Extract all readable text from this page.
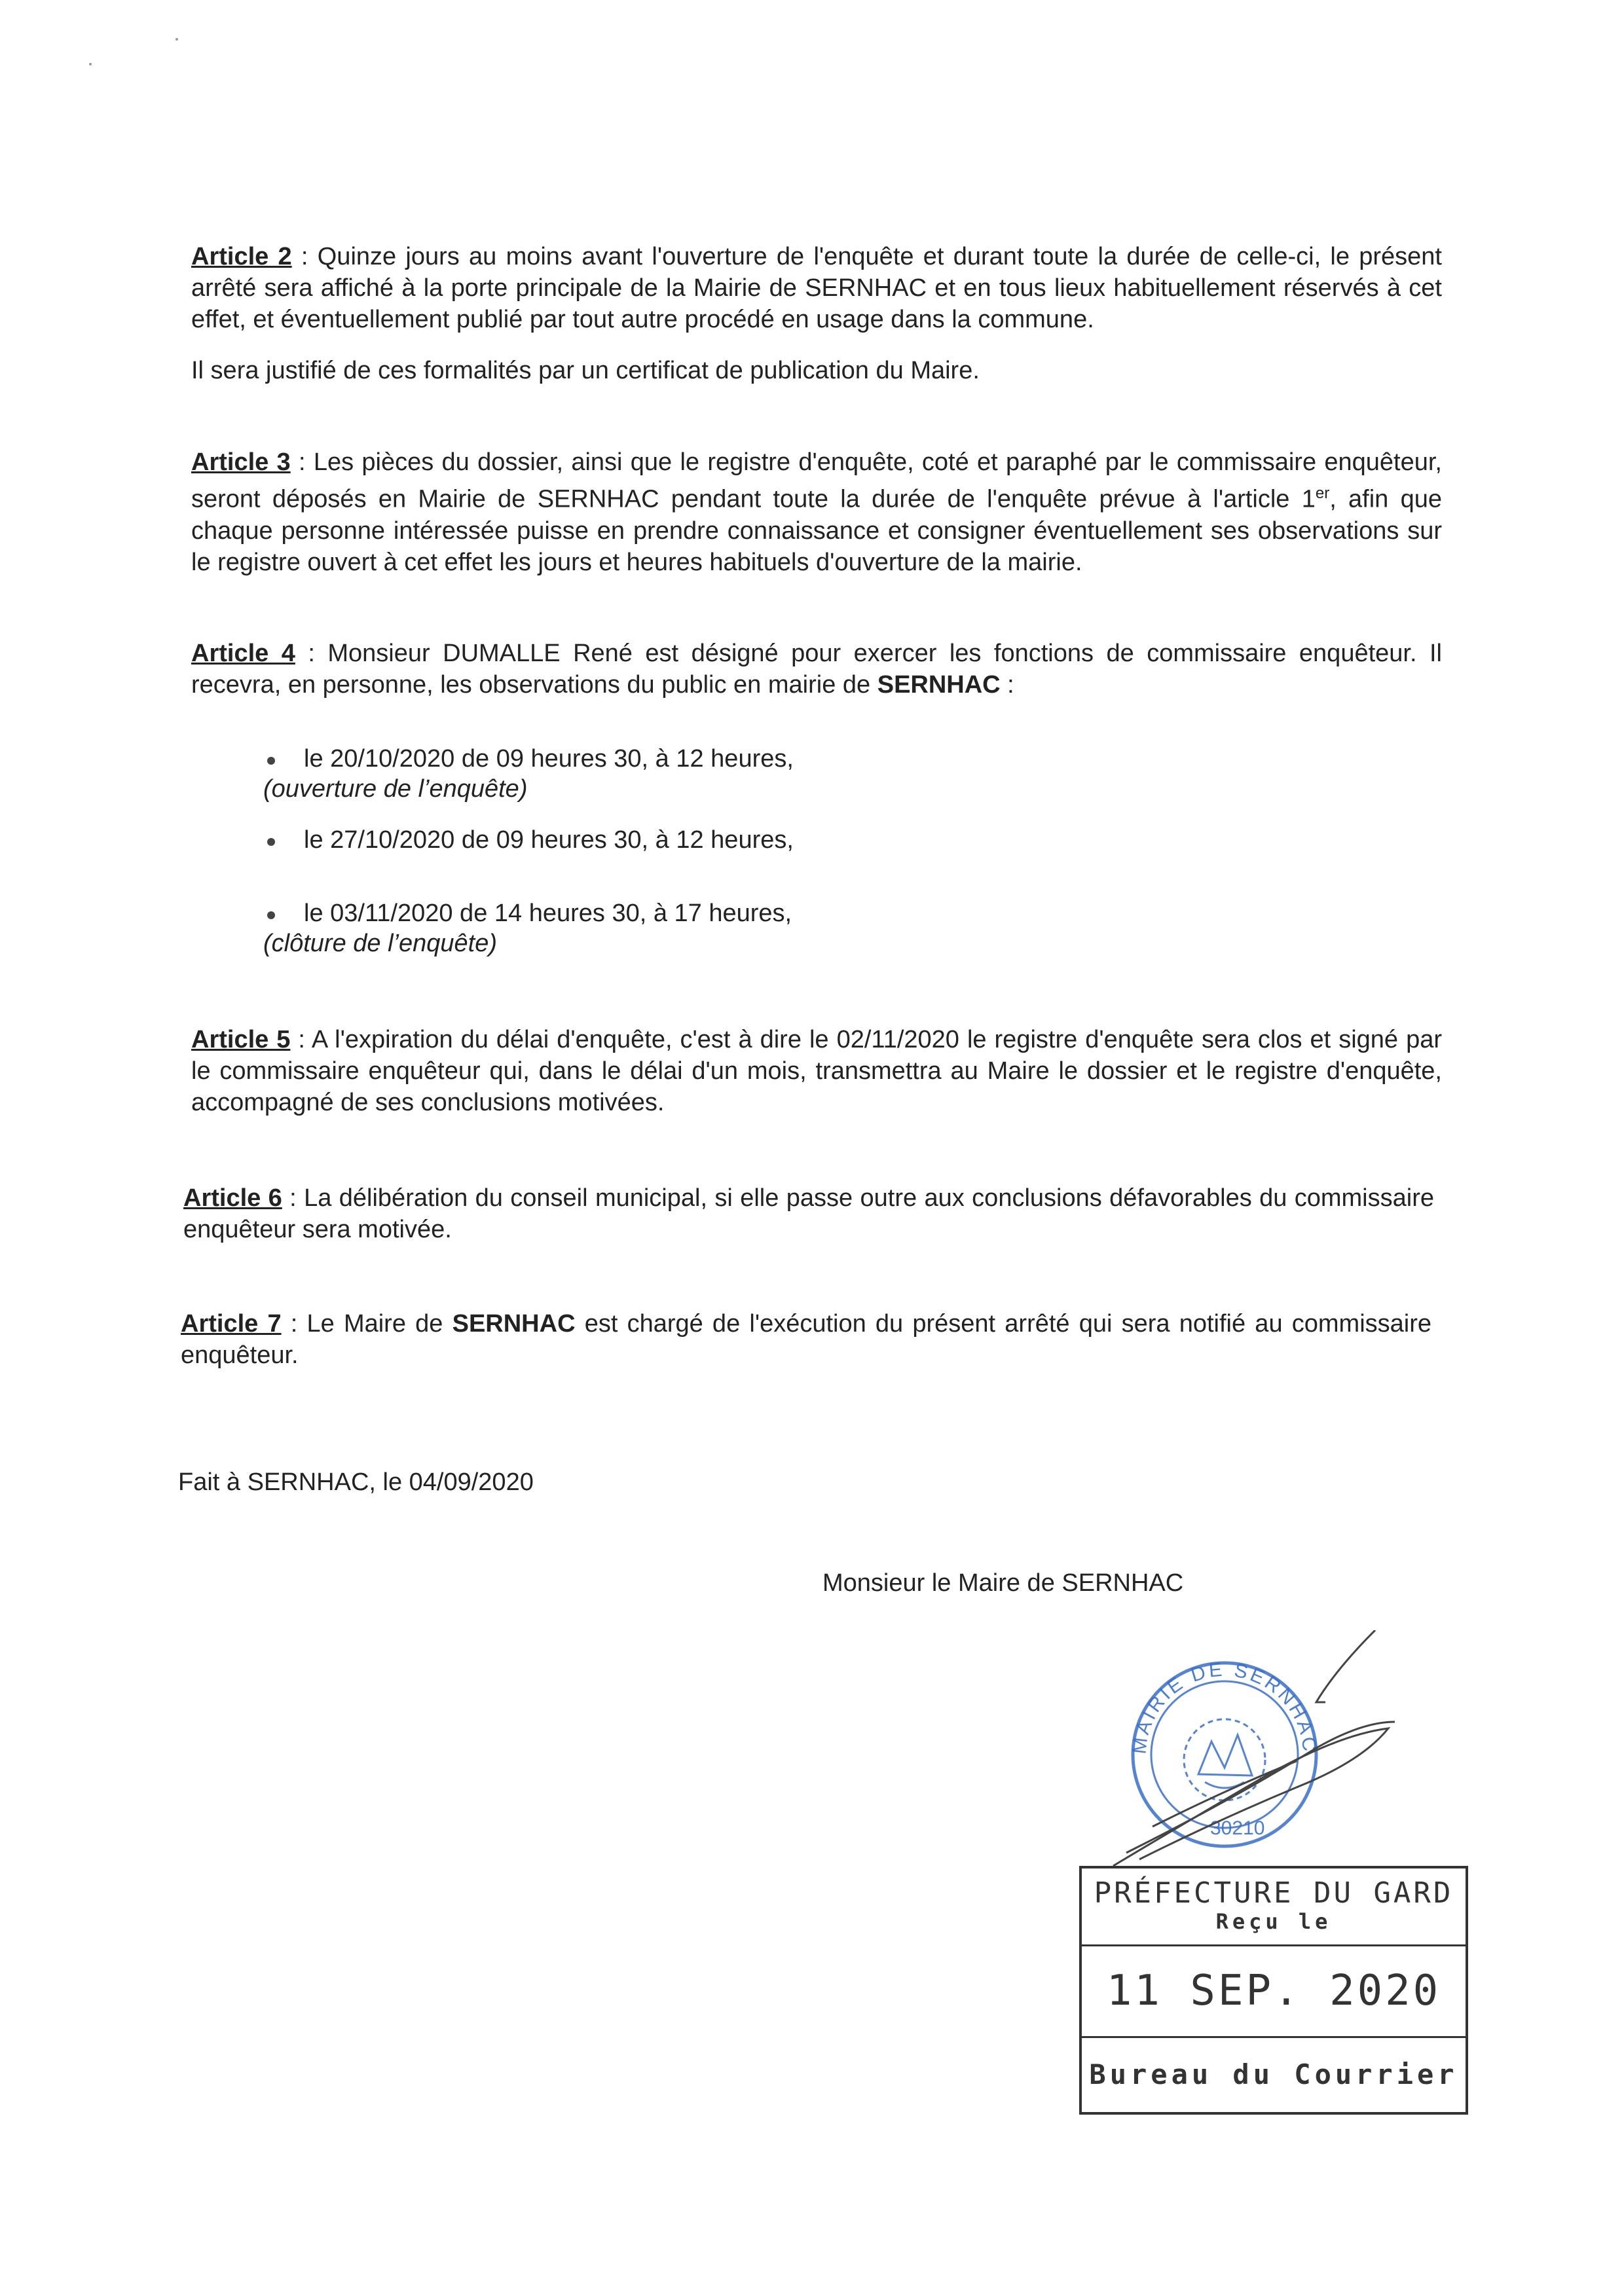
Article 2 : Quinze jours au moins avant l'ouverture de l'enquête et durant toute la durée de celle-ci, le présent arrêté sera affiché à la porte principale de la Mairie de SERNHAC et en tous lieux habituellement réservés à cet effet, et éventuellement publié par tout autre procédé en usage dans la commune.
Il sera justifié de ces formalités par un certificat de publication du Maire.
Article 3 : Les pièces du dossier, ainsi que le registre d'enquête, coté et paraphé par le commissaire enquêteur, seront déposés en Mairie de SERNHAC pendant toute la durée de l'enquête prévue à l'article 1er, afin que chaque personne intéressée puisse en prendre connaissance et consigner éventuellement ses observations sur le registre ouvert à cet effet les jours et heures habituels d'ouverture de la mairie.
Article 4 : Monsieur DUMALLE René est désigné pour exercer les fonctions de commissaire enquêteur. Il recevra, en personne, les observations du public en mairie de SERNHAC :
le 20/10/2020 de 09 heures 30, à 12 heures,
(ouverture de l’enquête)
le 27/10/2020 de 09 heures 30, à 12 heures,
le 03/11/2020 de 14 heures 30, à 17 heures,
(clôture de l’enquête)
Article 5 : A l'expiration du délai d'enquête, c'est à dire le 02/11/2020 le registre d'enquête sera clos et signé par le commissaire enquêteur qui, dans le délai d'un mois, transmettra au Maire le dossier et le registre d'enquête, accompagné de ses conclusions motivées.
Article 6 : La délibération du conseil municipal, si elle passe outre aux conclusions défavorables du commissaire enquêteur sera motivée.
Article 7 : Le Maire de SERNHAC est chargé de l'exécution du présent arrêté qui sera notifié au commissaire enquêteur.
Fait à SERNHAC, le 04/09/2020
Monsieur le Maire de SERNHAC
MAIRIE DE SERNHAC
30210
PRÉFECTURE DU GARD
Reçu le
11 SEP. 2020
Bureau du Courrier
